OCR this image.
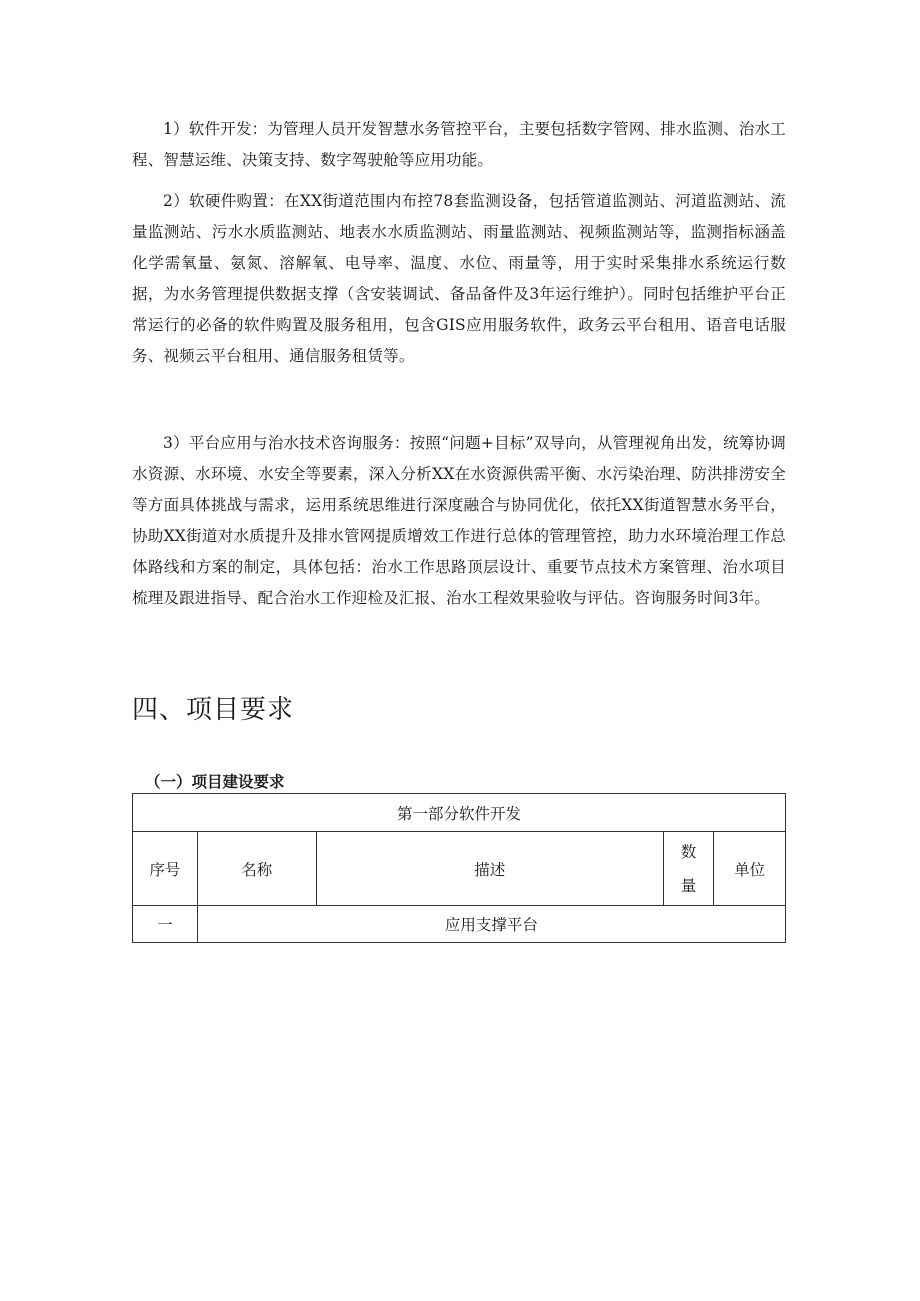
1）软件开发：为管理人员开发智慧水务管控平台，主要包括数字管网、排水监测、治水工程、智慧运维、决策支持、数字驾驶舱等应用功能。

2）软硬件购置：在XX街道范围内布控78套监测设备，包括管道监测站、河道监测站、流量监测站、污水水质监测站、地表水水质监测站、雨量监测站、视频监测站等，监测指标涵盖化学需氧量、氨氮、溶解氧、电导率、温度、水位、雨量等，用于实时采集排水系统运行数据，为水务管理提供数据支撑（含安装调试、备品备件及3年运行维护）。同时包括维护平台正常运行的必备的软件购置及服务租用，包含GIS应用服务软件，政务云平台租用、语音电话服务、视频云平台租用、通信服务租赁等。

3）平台应用与治水技术咨询服务：按照“问题+目标”双导向，从管理视角出发，统筹协调水资源、水环境、水安全等要素，深入分析XX在水资源供需平衡、水污染治理、防洪排涝安全等方面具体挑战与需求，运用系统思维进行深度融合与协同优化，依托XX街道智慧水务平台，协助XX街道对水质提升及排水管网提质增效工作进行总体的管理管控，助力水环境治理工作总体路线和方案的制定，具体包括：治水工作思路顶层设计、重要节点技术方案管理、治水项目梳理及跟进指导、配合治水工作迎检及汇报、治水工程效果验收与评估。咨询服务时间3年。

四、项目要求
（一）项目建设要求
第一部分软件开发				
序号	名称	描述	数量	单位
一	应用支撑平台			
